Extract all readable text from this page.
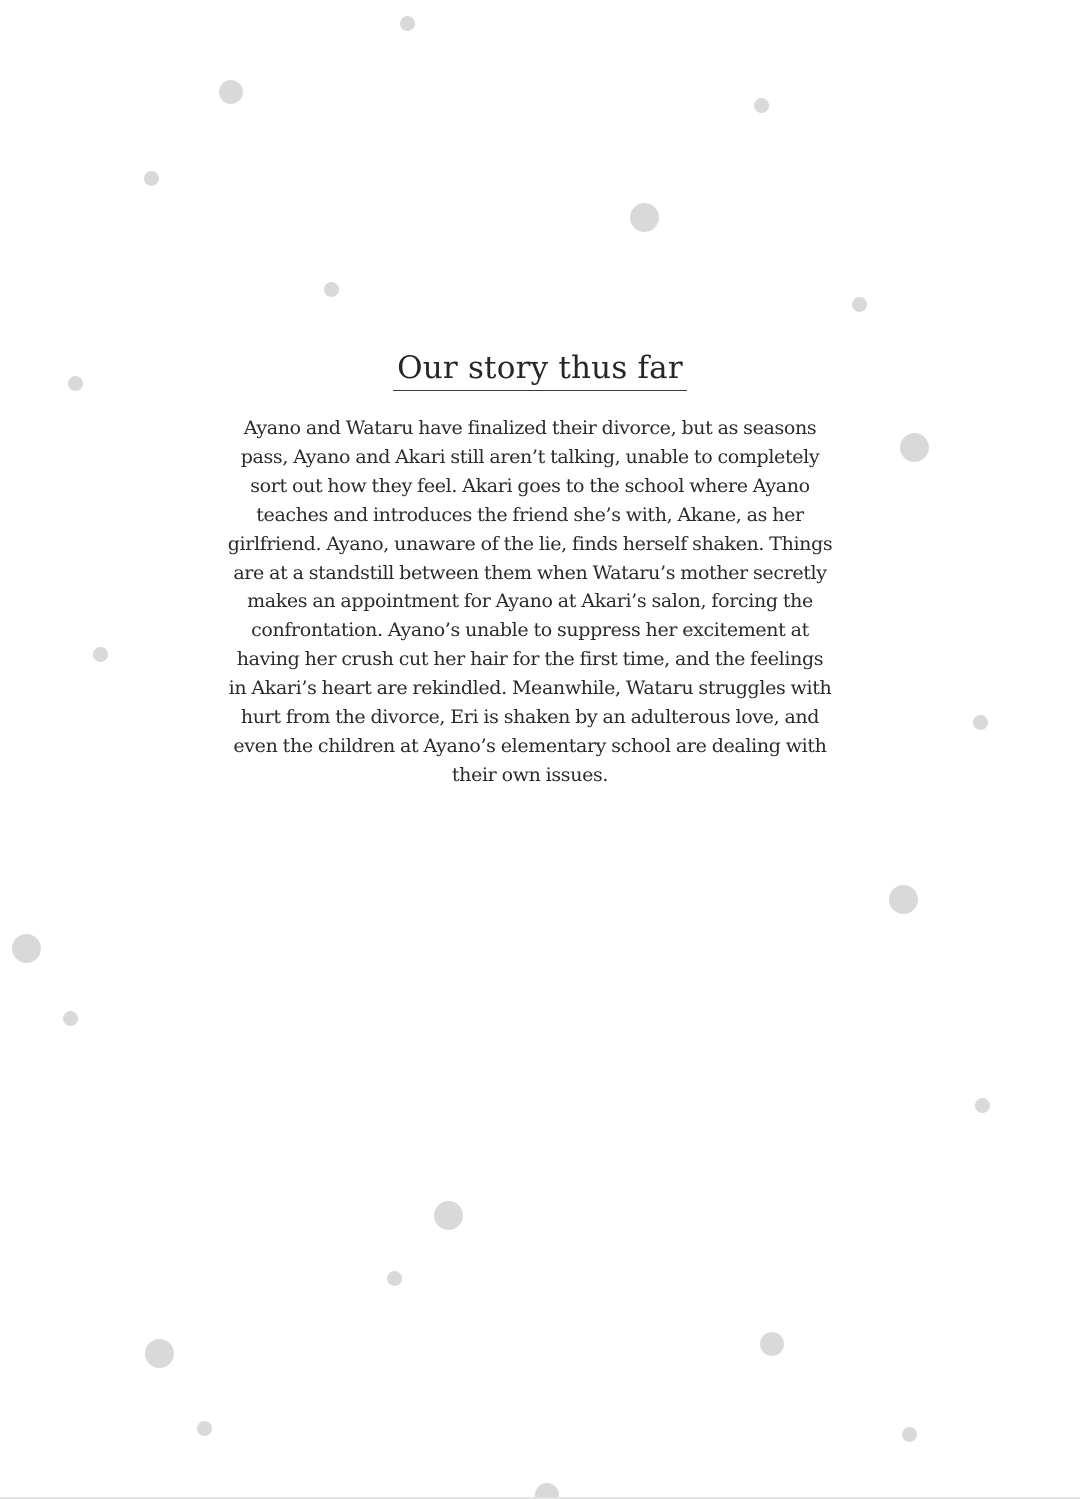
Our story thus far

Ayano and Wataru have finalized their divorce, but as seasons
pass, Ayano and Akari still aren’t talking, unable to completely
sort out how they feel. Akari goes to the school where Ayano
teaches and introduces the friend she’s with, Akane, as her
girlfriend. Ayano, unaware of the lie, finds herself shaken. Things
are at a standstill between them when Wataru’s mother secretly
makes an appointment for Ayano at Akari’s salon, forcing the
confrontation. Ayano’s unable to suppress her excitement at
having her crush cut her hair for the first time, and the feelings
in Akari’s heart are rekindled. Meanwhile, Wataru struggles with
hurt from the divorce, Eri is shaken by an adulterous love, and
even the children at Ayano’s elementary school are dealing with
their own issues.
